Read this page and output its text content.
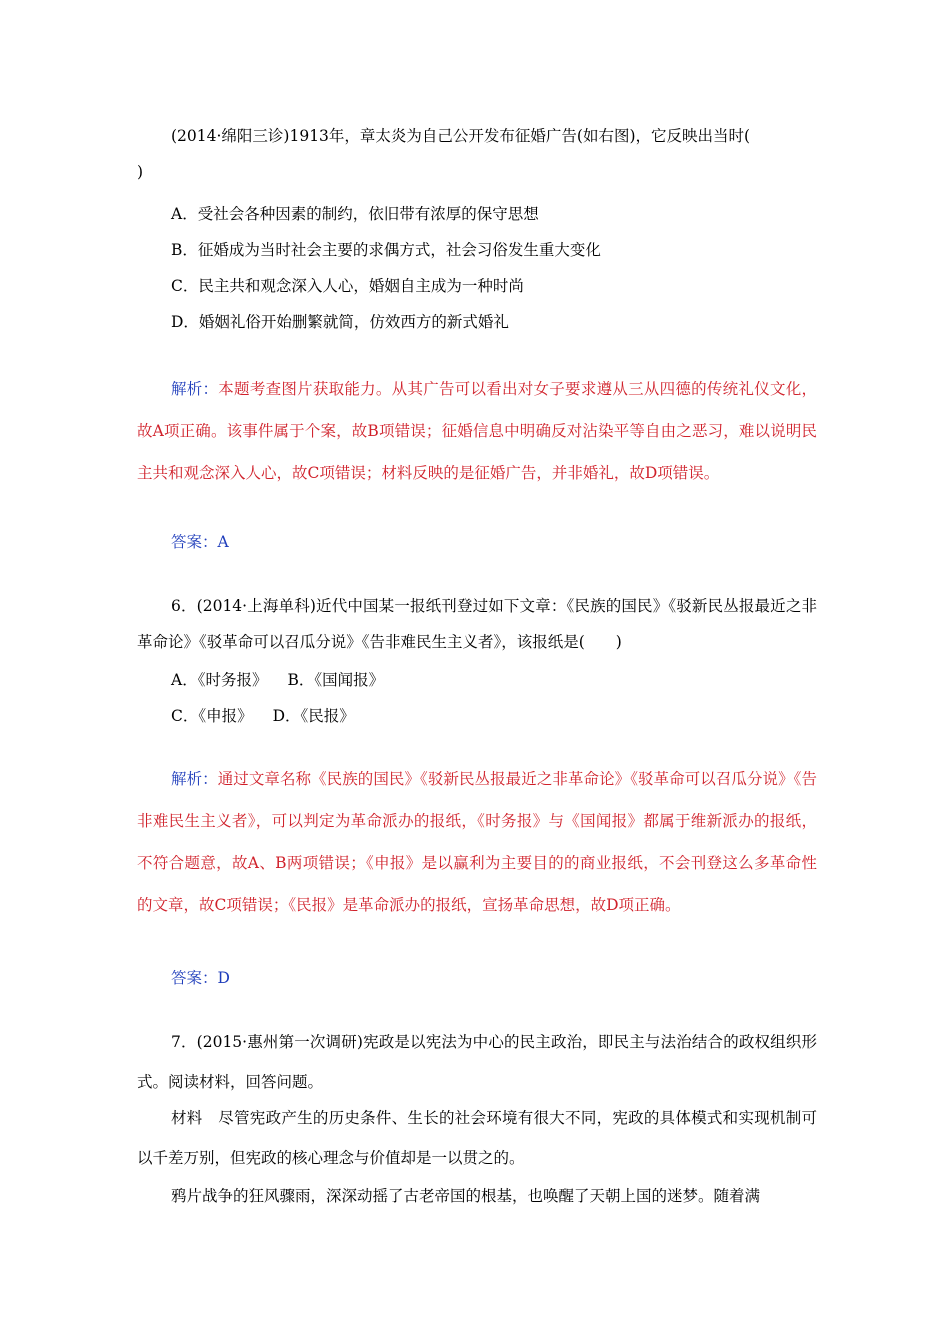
(2014·绵阳三诊)1913年，章太炎为自己公开发布征婚广告(如右图)，它反映出当时(
)
A．受社会各种因素的制约，依旧带有浓厚的保守思想
B．征婚成为当时社会主要的求偶方式，社会习俗发生重大变化
C．民主共和观念深入人心，婚姻自主成为一种时尚
D．婚姻礼俗开始删繁就简，仿效西方的新式婚礼
解析：本题考查图片获取能力。从其广告可以看出对女子要求遵从三从四德的传统礼仪文化，故A项正确。该事件属于个案，故B项错误；征婚信息中明确反对沾染平等自由之恶习，难以说明民主共和观念深入人心，故C项错误；材料反映的是征婚广告，并非婚礼，故D项错误。
答案：A
6．(2014·上海单科)近代中国某一报纸刊登过如下文章：《民族的国民》《驳新民丛报最近之非革命论》《驳革命可以召瓜分说》《告非难民生主义者》，该报纸是(　　)
A．《时务报》 B．《国闻报》
C．《申报》 D．《民报》
解析：通过文章名称《民族的国民》《驳新民丛报最近之非革命论》《驳革命可以召瓜分说》《告非难民生主义者》，可以判定为革命派办的报纸，《时务报》与《国闻报》都属于维新派办的报纸，不符合题意，故A、B两项错误；《申报》是以赢利为主要目的的商业报纸，不会刊登这么多革命性的文章，故C项错误；《民报》是革命派办的报纸，宣扬革命思想，故D项正确。
答案：D
7．(2015·惠州第一次调研)宪政是以宪法为中心的民主政治，即民主与法治结合的政权组织形式。阅读材料，回答问题。
材料　尽管宪政产生的历史条件、生长的社会环境有很大不同，宪政的具体模式和实现机制可以千差万别，但宪政的核心理念与价值却是一以贯之的。
鸦片战争的狂风骤雨，深深动摇了古老帝国的根基，也唤醒了天朝上国的迷梦。随着满
